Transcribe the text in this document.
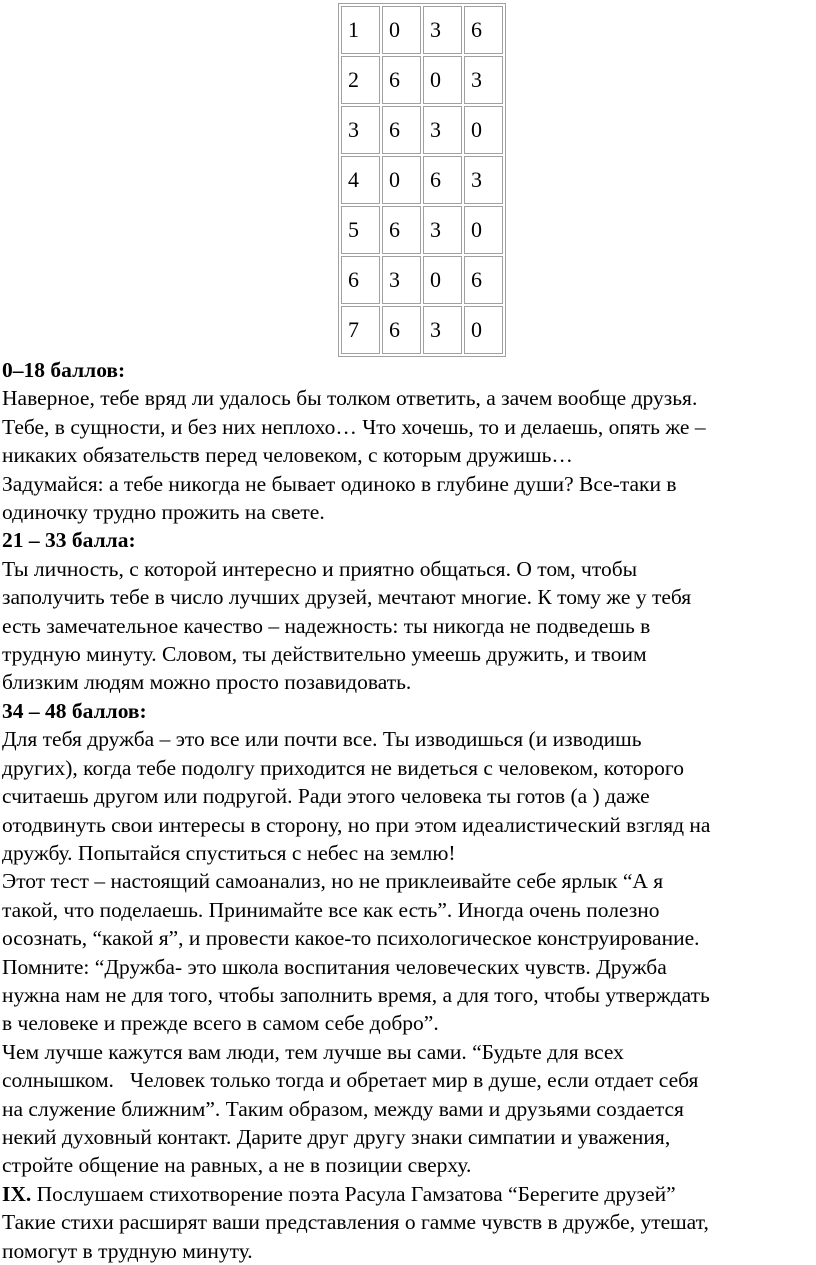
1	0	3	6
2	6	0	3
3	6	3	0
4	0	6	3
5	6	3	0
6	3	0	6
7	6	3	0

0–18 баллов:

Наверное, тебе вряд ли удалось бы толком ответить, а зачем вообще друзья.
Тебе, в сущности, и без них неплохо… Что хочешь, то и делаешь, опять же –
никаких обязательств перед человеком, с которым дружишь…
Задумайся: а тебе никогда не бывает одиноко в глубине души? Все-таки в
одиночку трудно прожить на свете.

21 – 33 балла:

Ты личность, с которой интересно и приятно общаться. О том, чтобы
заполучить тебе в число лучших друзей, мечтают многие. К тому же у тебя
есть замечательное качество – надежность: ты никогда не подведешь в
трудную минуту. Словом, ты действительно умеешь дружить, и твоим
близким людям можно просто позавидовать.

34 – 48 баллов:

Для тебя дружба – это все или почти все. Ты изводишься (и изводишь
других), когда тебе подолгу приходится не видеться с человеком, которого
считаешь другом или подругой. Ради этого человека ты готов (а ) даже
отодвинуть свои интересы в сторону, но при этом идеалистический взгляд на
дружбу. Попытайся спуститься с небес на землю!

Этот тест – настоящий самоанализ, но не приклеивайте себе ярлык “А я
такой, что поделаешь. Принимайте все как есть”. Иногда очень полезно
осознать, “какой я”, и провести какое-то психологическое конструирование.
Помните: “Дружба- это школа воспитания человеческих чувств. Дружба
нужна нам не для того, чтобы заполнить время, а для того, чтобы утверждать
в человеке и прежде всего в самом себе добро”.
Чем лучше кажутся вам люди, тем лучше вы сами. “Будьте для всех
солнышком.   Человек только тогда и обретает мир в душе, если отдает себя
на служение ближним”. Таким образом, между вами и друзьями создается
некий духовный контакт. Дарите друг другу знаки симпатии и уважения,
стройте общение на равных, а не в позиции сверху.

IX. Послушаем стихотворение поэта Расула Гамзатова “Берегите друзей”
Такие стихи расширят ваши представления о гамме чувств в дружбе, утешат,
помогут в трудную минуту.
